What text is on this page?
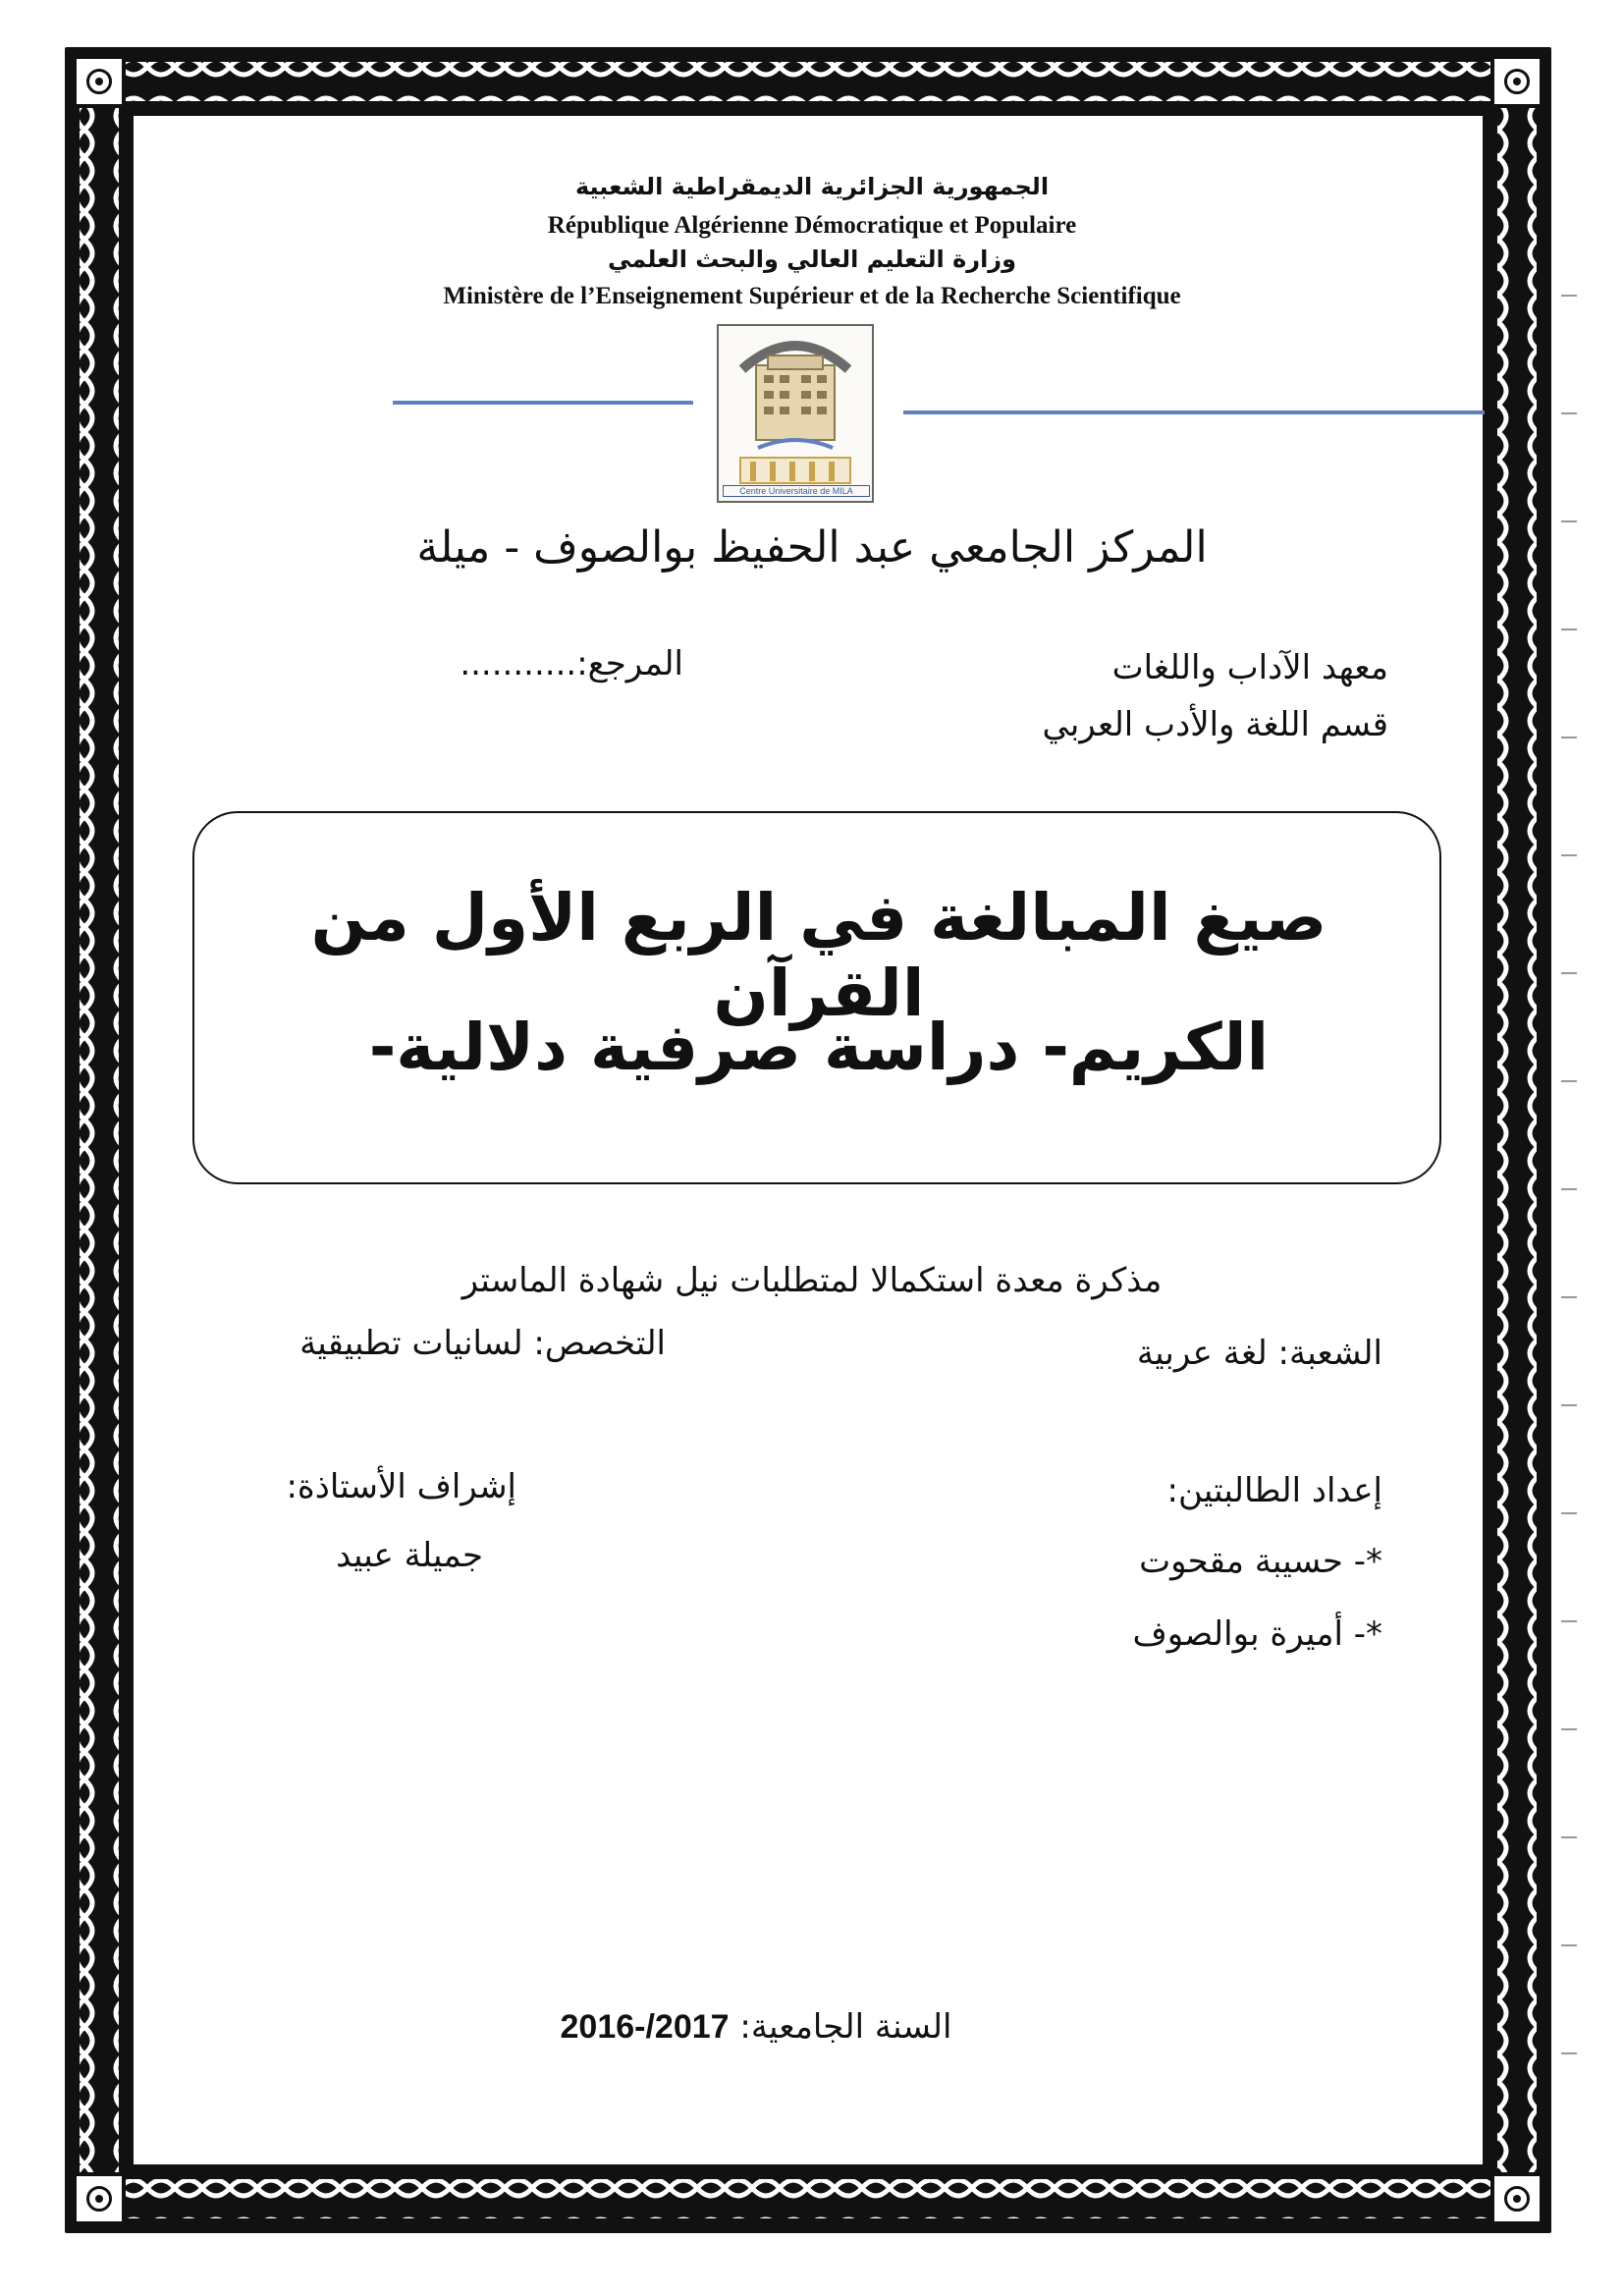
الجمهورية الجزائرية الديمقراطية الشعبية
République Algérienne Démocratique et Populaire
وزارة التعليم العالي والبحث العلمي
Ministère de l’Enseignement Supérieur et de la Recherche Scientifique
Centre Universitaire de MILA
المركز الجامعي عبد الحفيظ بوالصوف - ميلة
معهد الآداب واللغات
قسم اللغة والأدب العربي
المرجع:...........
صيغ المبالغة في الربع الأول من القرآن
الكريم- دراسة صرفية دلالية-
مذكرة معدة استكمالا لمتطلبات نيل شهادة الماستر
الشعبة: لغة عربية
التخصص: لسانيات تطبيقية
إعداد الطالبتين:
*- حسيبة مقحوت
*- أميرة بوالصوف
إشراف الأستاذة:
جميلة عبيد
السنة الجامعية: 2016-/2017
